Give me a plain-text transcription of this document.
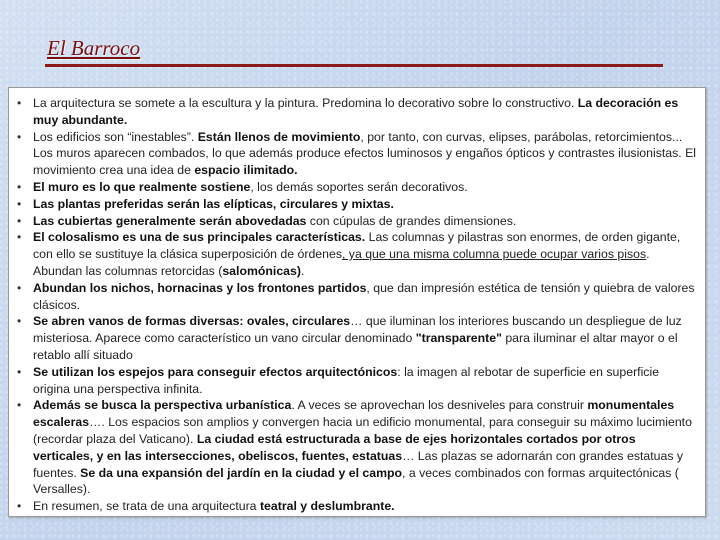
El Barroco
• La arquitectura se somete a la escultura y la pintura. Predomina lo decorativo sobre lo constructivo. La decoración es muy abundante.
• Los edificios son “inestables”. Están llenos de movimiento, por tanto, con curvas, elipses, parábolas, retorcimientos... Los muros aparecen combados, lo que además produce efectos luminosos y engaños ópticos y contrastes ilusionistas. El movimiento crea una idea de espacio ilimitado.
• El muro es lo que realmente sostiene, los demás soportes serán decorativos.
• Las plantas preferidas serán las elípticas, circulares y mixtas.
• Las cubiertas generalmente serán abovedadas con cúpulas de grandes dimensiones.
• El colosalismo es una de sus principales características. Las columnas y pilastras son enormes, de orden gigante, con ello se sustituye la clásica superposición de órdenes, ya que una misma columna puede ocupar varios pisos. Abundan las columnas retorcidas (salomónicas).
• Abundan los nichos, hornacinas y los frontones partidos, que dan impresión estética de tensión y quiebra de valores clásicos.
• Se abren vanos de formas diversas: ovales, circulares… que iluminan los interiores buscando un despliegue de luz misteriosa. Aparece como característico un vano circular denominado "transparente" para iluminar el altar mayor o el retablo allí situado
• Se utilizan los espejos para conseguir efectos arquitectónicos: la imagen al rebotar de superficie en superficie origina una perspectiva infinita.
• Además se busca la perspectiva urbanística. A veces se aprovechan los desniveles para construir monumentales escaleras…. Los espacios son amplios y convergen hacia un edificio monumental, para conseguir su máximo lucimiento (recordar plaza del Vaticano). La ciudad está estructurada a base de ejes horizontales cortados por otros verticales, y en las intersecciones, obeliscos, fuentes, estatuas… Las plazas se adornarán con grandes estatuas y fuentes. Se da una expansión del jardín en la ciudad y el campo, a veces combinados con formas arquitectónicas ( Versalles).
• En resumen, se trata de una arquitectura teatral y deslumbrante.
